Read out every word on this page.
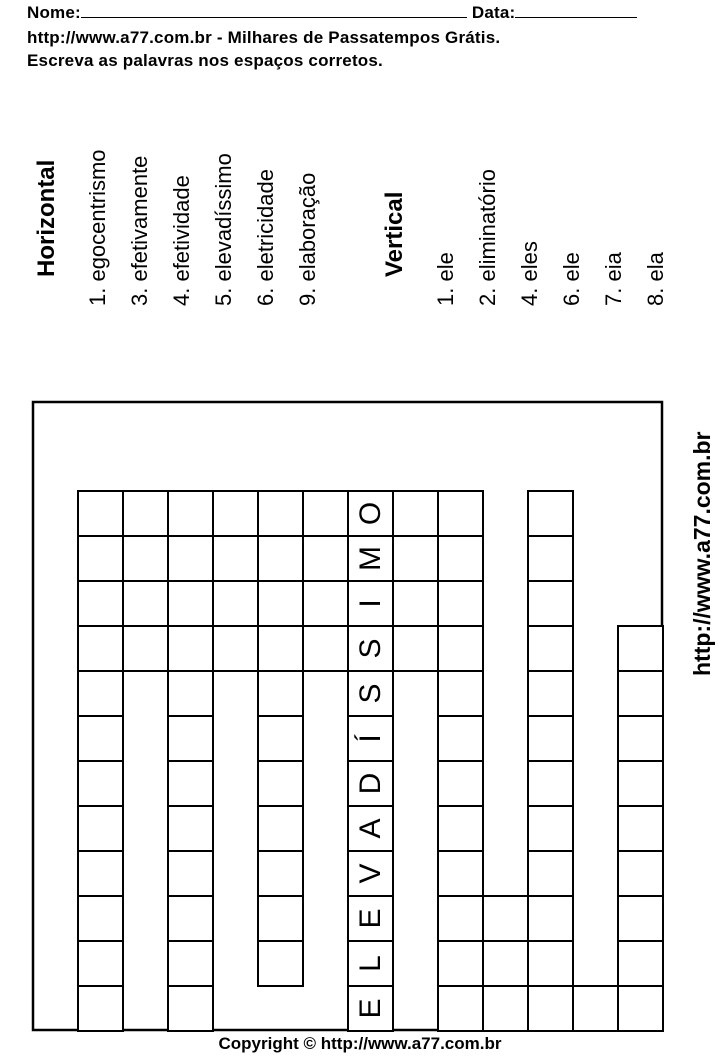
Nome:	Data:
http://www.a77.com.br - Milhares de Passatempos Grátis.
Escreva as palavras nos espaços corretos.
Horizontal 1. egocentrismo 3. efetivamente 4. efetividade 5. elevadíssimo 6. eletricidade 9. elaboração	Vertical
1. ele 2. eliminatório 4. eles 6. ele 7. eia 8. ela
http://www.a77.com.br
E
L
E
V
A
D
Í
S
S
I
M
O
Copyright © http://www.a77.com.br
